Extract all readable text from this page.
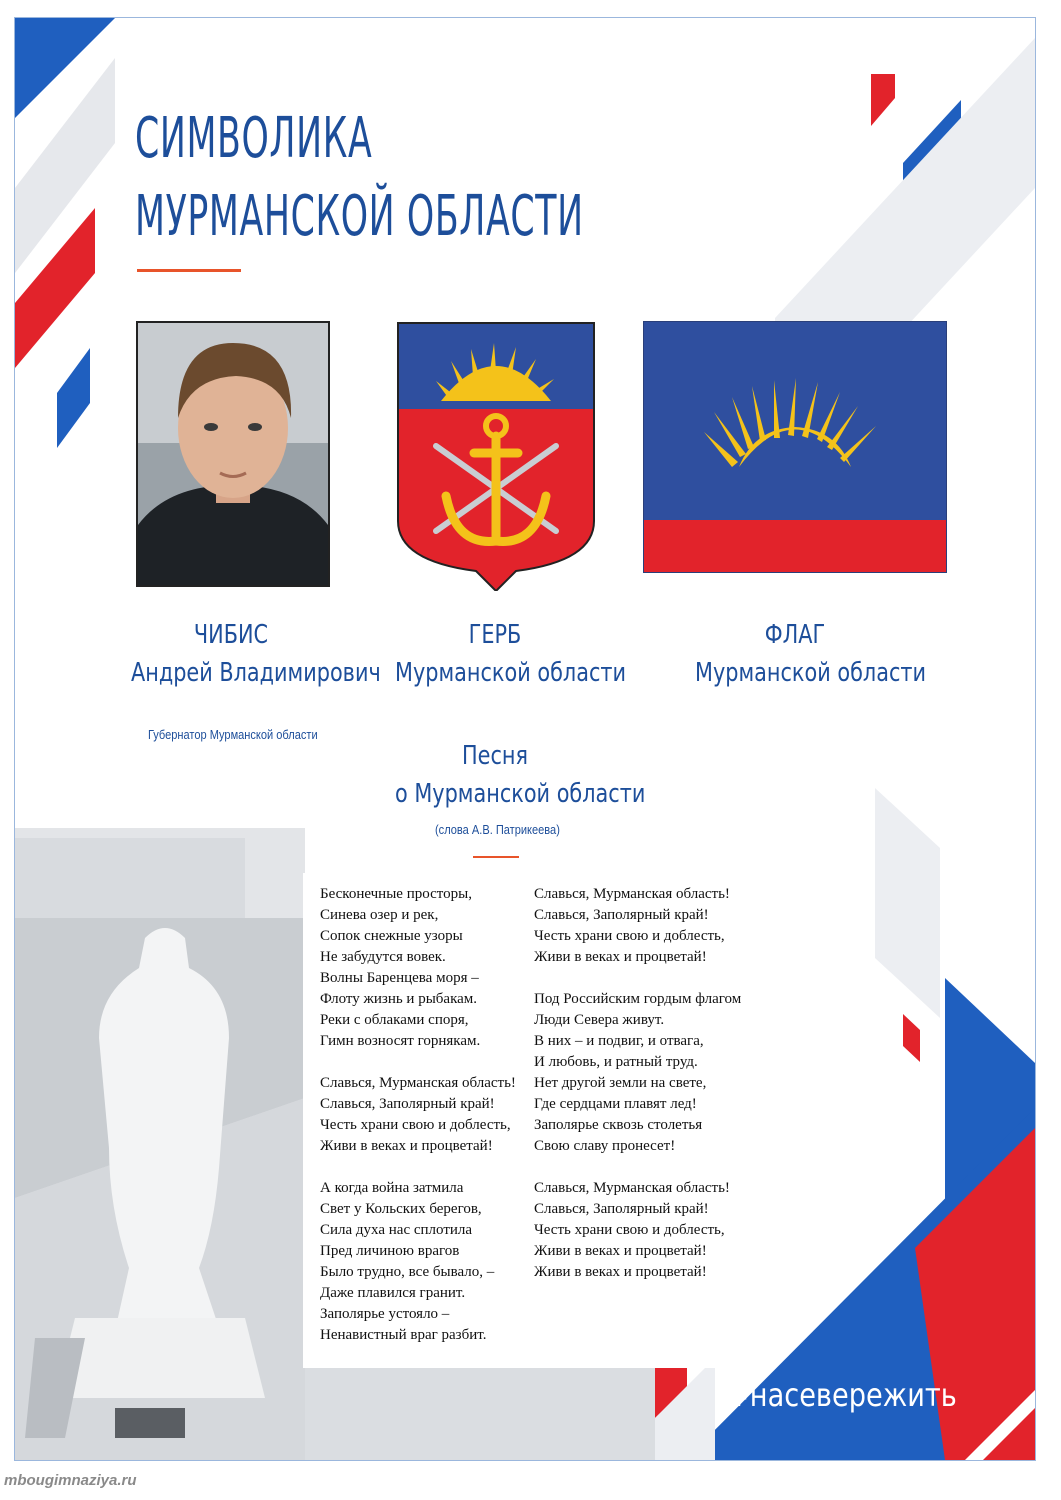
СИМВОЛИКА
МУРМАНСКОЙ ОБЛАСТИ
ЧИБИС
Андрей Владимирович
ГЕРБ
Мурманской области
ФЛАГ
Мурманской области
Губернатор Мурманской области
Песня
о Мурманской области
(слова А.В. Патрикеева)
Бесконечные просторы,
Синева озер и рек,
Сопок снежные узоры
Не забудутся вовек.
Волны Баренцева моря –
Флоту жизнь и рыбакам.
Реки с облаками споря,
Гимн возносят горнякам.
Славься, Мурманская область!
Славься, Заполярный край!
Честь храни свою и доблесть,
Живи в веках и процветай!
А когда война затмила
Свет у Кольских берегов,
Сила духа нас сплотила
Пред личиною врагов
Было трудно, все бывало, –
Даже плавился гранит.
Заполярье устояло –
Ненавистный враг разбит.
Славься, Мурманская область!
Славься, Заполярный край!
Честь храни свою и доблесть,
Живи в веках и процветай!
Под Российским гордым флагом
Люди Севера живут.
В них – и подвиг, и отвага,
И любовь, и ратный труд.
Нет другой земли на свете,
Где сердцами плавят лед!
Заполярье сквозь столетья
Свою славу пронесет!
Славься, Мурманская область!
Славься, Заполярный край!
Честь храни свою и доблесть,
Живи в веках и процветай!
Живи в веках и процветай!
#насевережить
mbougimnaziya.ru
